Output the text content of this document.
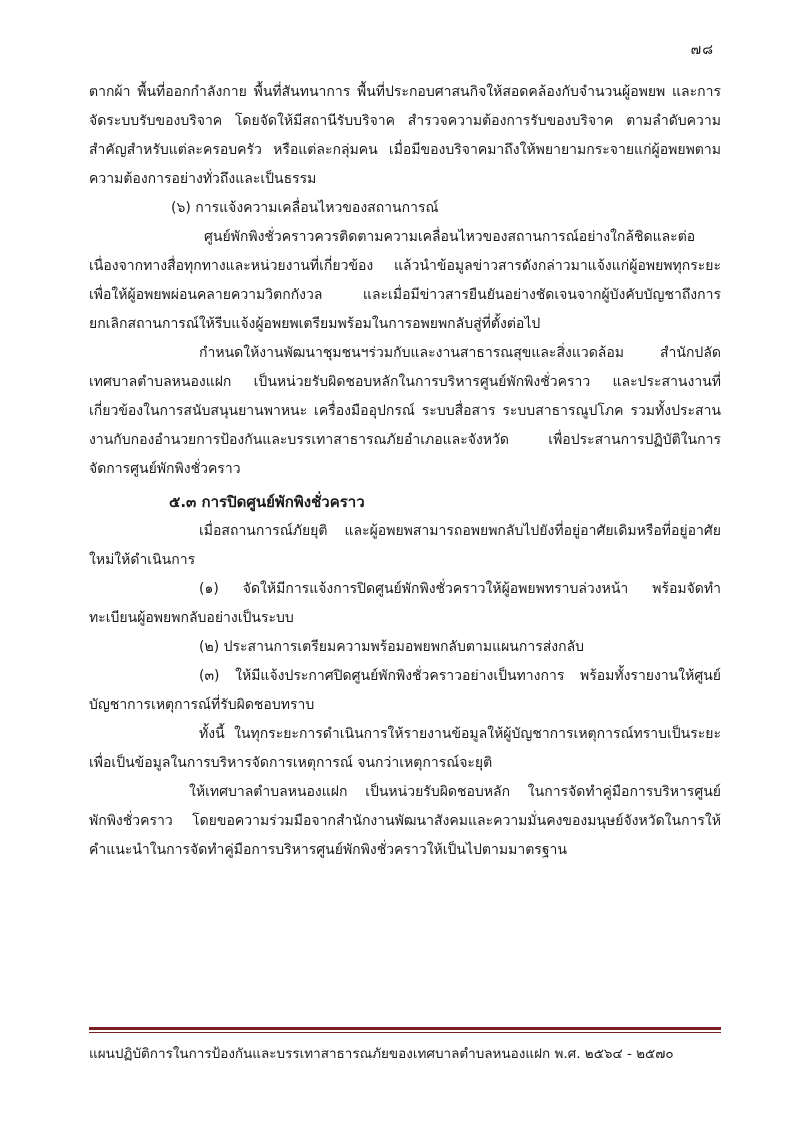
๗๘

ตากผ้า พื้นที่ออกกำลังกาย พื้นที่สันทนาการ พื้นที่ประกอบศาสนกิจให้สอดคล้องกับจำนวนผู้อพยพ และการจัดระบบรับของบริจาค โดยจัดให้มีสถานีรับบริจาค สำรวจความต้องการรับของบริจาค ตามลำดับความสำคัญสำหรับแต่ละครอบครัว หรือแต่ละกลุ่มคน เมื่อมีของบริจาคมาถึงให้พยายามกระจายแก่ผู้อพยพตามความต้องการอย่างทั่วถึงและเป็นธรรม

(๖) การแจ้งความเคลื่อนไหวของสถานการณ์

ศูนย์พักพิงชั่วคราวควรติดตามความเคลื่อนไหวของสถานการณ์อย่างใกล้ชิดและต่อเนื่องจากทางสื่อทุกทางและหน่วยงานที่เกี่ยวข้อง แล้วนำข้อมูลข่าวสารดังกล่าวมาแจ้งแก่ผู้อพยพทุกระยะ เพื่อให้ผู้อพยพผ่อนคลายความวิตกกังวล และเมื่อมีข่าวสารยืนยันอย่างชัดเจนจากผู้บังคับบัญชาถึงการยกเลิกสถานการณ์ให้รีบแจ้งผู้อพยพเตรียมพร้อมในการอพยพกลับสู่ที่ตั้งต่อไป

กำหนดให้งานพัฒนาชุมชนฯร่วมกับและงานสาธารณสุขและสิ่งแวดล้อม สำนักปลัดเทศบาลตำบลหนองแฝก เป็นหน่วยรับผิดชอบหลักในการบริหารศูนย์พักพิงชั่วคราว และประสานงานที่เกี่ยวข้องในการสนับสนุนยานพาหนะ เครื่องมืออุปกรณ์ ระบบสื่อสาร ระบบสาธารณูปโภค รวมทั้งประสานงานกับกองอำนวยการป้องกันและบรรเทาสาธารณภัยอำเภอและจังหวัด เพื่อประสานการปฏิบัติในการจัดการศูนย์พักพิงชั่วคราว

๕.๓ การปิดศูนย์พักพิงชั่วคราว

เมื่อสถานการณ์ภัยยุติ และผู้อพยพสามารถอพยพกลับไปยังที่อยู่อาศัยเดิมหรือที่อยู่อาศัยใหม่ให้ดำเนินการ

(๑) จัดให้มีการแจ้งการปิดศูนย์พักพิงชั่วคราวให้ผู้อพยพทราบล่วงหน้า พร้อมจัดทำทะเบียนผู้อพยพกลับอย่างเป็นระบบ

(๒) ประสานการเตรียมความพร้อมอพยพกลับตามแผนการส่งกลับ

(๓) ให้มีแจ้งประกาศปิดศูนย์พักพิงชั่วคราวอย่างเป็นทางการ พร้อมทั้งรายงานให้ศูนย์บัญชาการเหตุการณ์ที่รับผิดชอบทราบ

ทั้งนี้ ในทุกระยะการดำเนินการให้รายงานข้อมูลให้ผู้บัญชาการเหตุการณ์ทราบเป็นระยะเพื่อเป็นข้อมูลในการบริหารจัดการเหตุการณ์ จนกว่าเหตุการณ์จะยุติ

ให้เทศบาลตำบลหนองแฝก เป็นหน่วยรับผิดชอบหลัก ในการจัดทำคู่มือการบริหารศูนย์พักพิงชั่วคราว โดยขอความร่วมมือจากสำนักงานพัฒนาสังคมและความมั่นคงของมนุษย์จังหวัดในการให้คำแนะนำในการจัดทำคู่มือการบริหารศูนย์พักพิงชั่วคราวให้เป็นไปตามมาตรฐาน

แผนปฏิบัติการในการป้องกันและบรรเทาสาธารณภัยของเทศบาลตำบลหนองแฝก พ.ศ. ๒๕๖๔ - ๒๕๗๐
